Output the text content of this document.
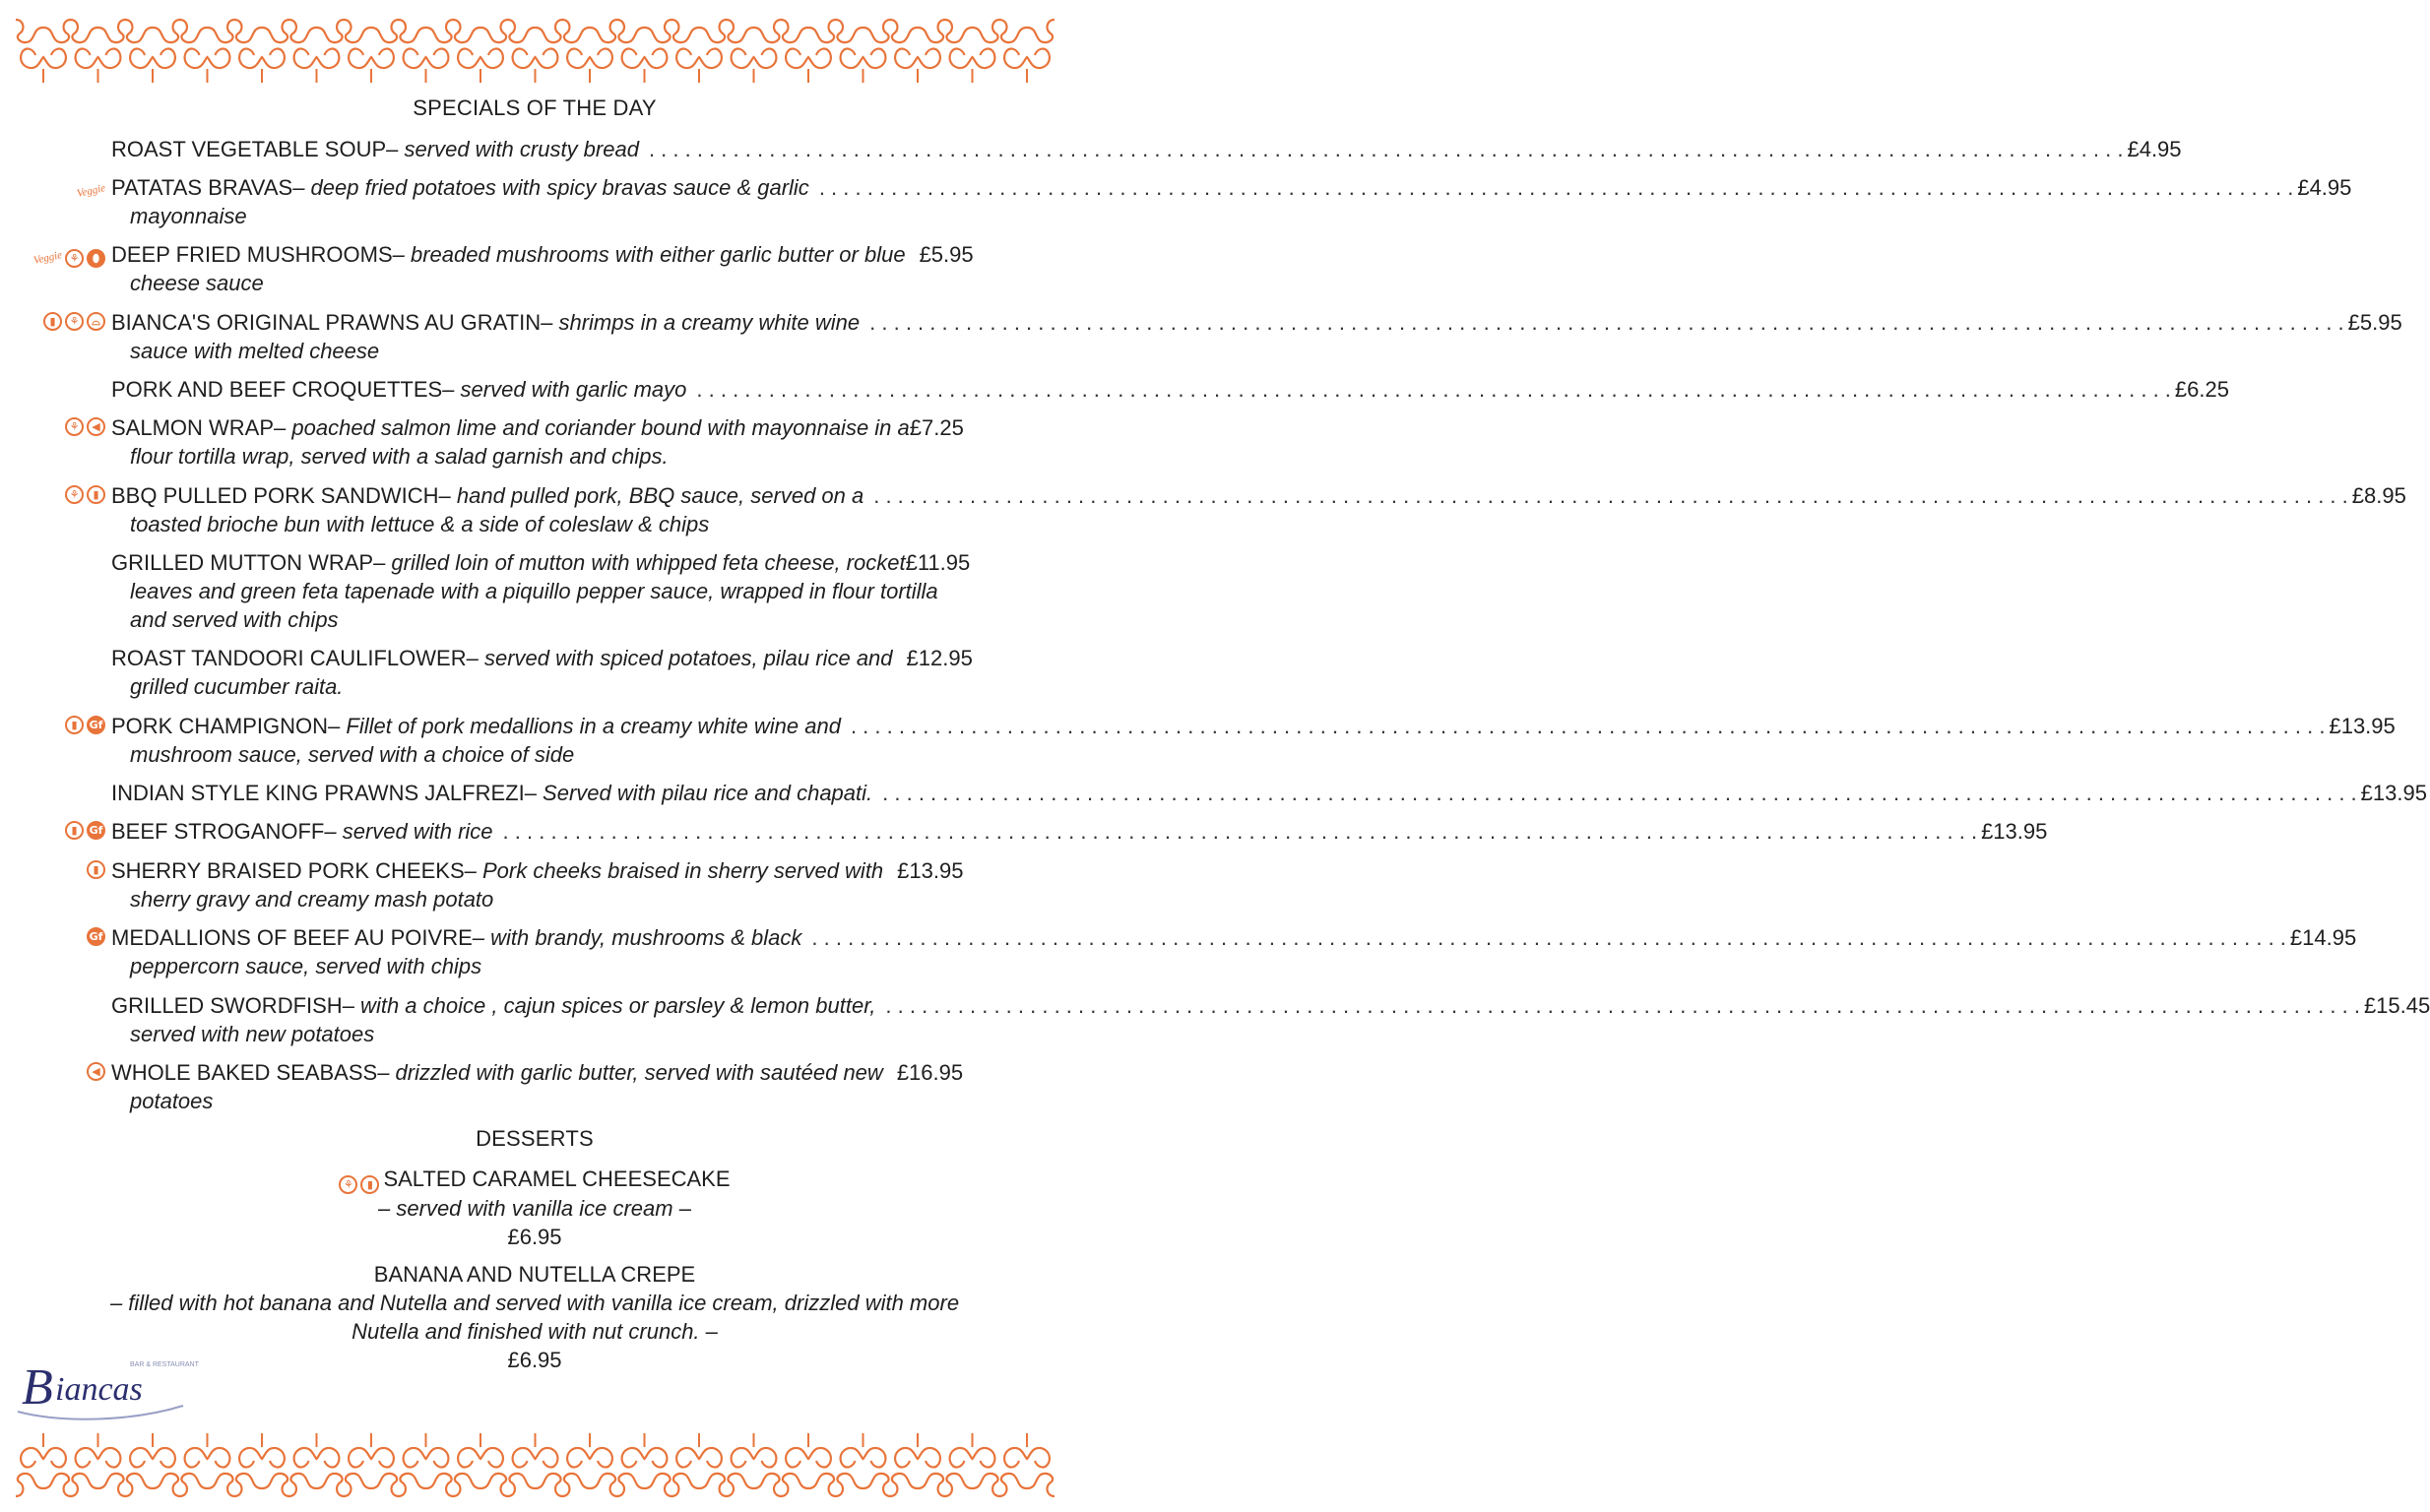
SPECIALS OF THE DAY
ROAST VEGETABLE SOUP – served with crusty bread . . .	£4.95
Veggie PATATAS BRAVAS – deep fried potatoes with spicy bravas sauce & garlic . . .	£4.95
mayonnaise
Veggie ⚘	⬮ DEEP FRIED MUSHROOMS – breaded mushrooms with either garlic butter or blue £5.95
cheese sauce
▮	⚘	⌓ BIANCA'S ORIGINAL PRAWNS AU GRATIN – shrimps in a creamy white wine . . .	£5.95
sauce with melted cheese
PORK AND BEEF CROQUETTES – served with garlic mayo . . .	£6.25
⚘	◀ SALMON WRAP – poached salmon lime and coriander bound with mayonnaise in a £7.25
flour tortilla wrap, served with a salad garnish and chips.
⚘	▮ BBQ PULLED PORK SANDWICH – hand pulled pork, BBQ sauce, served on a . . .	£8.95
toasted brioche bun with lettuce & a side of coleslaw & chips
GRILLED MUTTON WRAP – grilled loin of mutton with whipped feta cheese, rocket £11.95
leaves and green feta tapenade with a piquillo pepper sauce, wrapped in flour tortilla
and served with chips
ROAST TANDOORI CAULIFLOWER – served with spiced potatoes, pilau rice and £12.95
grilled cucumber raita.
▮	Gf PORK CHAMPIGNON – Fillet of pork medallions in a creamy white wine and . . .	£13.95
mushroom sauce, served with a choice of side
INDIAN STYLE KING PRAWNS JALFREZI – Served with pilau rice and chapati. . . .	£13.95
▮	Gf BEEF STROGANOFF – served with rice . . .	£13.95
▮ SHERRY BRAISED PORK CHEEKS – Pork cheeks braised in sherry served with £13.95
sherry gravy and creamy mash potato
Gf MEDALLIONS OF BEEF AU POIVRE – with brandy, mushrooms & black . . .	£14.95
peppercorn sauce, served with chips
GRILLED SWORDFISH – with a choice , cajun spices or parsley & lemon butter, . . .	£15.45
served with new potatoes
◀ WHOLE BAKED SEABASS – drizzled with garlic butter, served with sautéed new £16.95
potatoes
DESSERTS
⚘	▮ SALTED CARAMEL CHEESECAKE
– served with vanilla ice cream –
£6.95
BANANA AND NUTELLA CREPE
– filled with hot banana and Nutella and served with vanilla ice cream, drizzled with more
Nutella and finished with nut crunch. –
£6.95
B iancas
BAR & RESTAURANT
